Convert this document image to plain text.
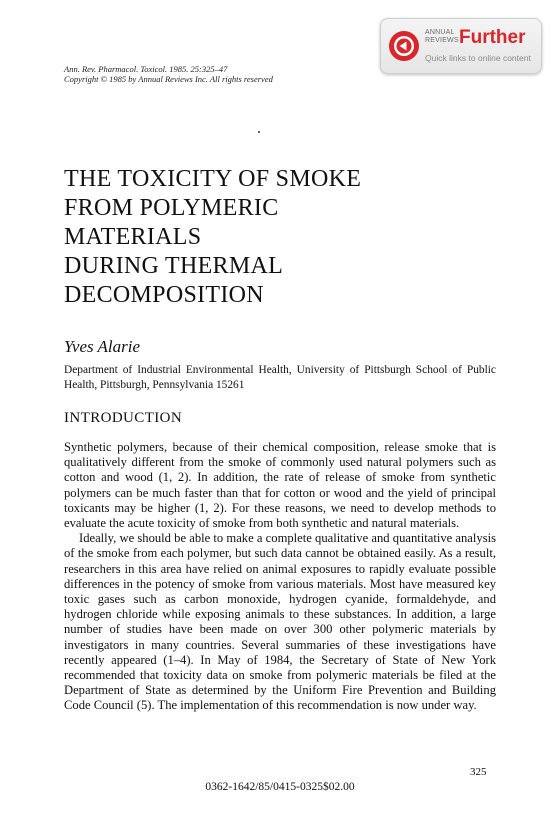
ANNUAL
REVIEWS Further
Quick links to online content
Ann. Rev. Pharmacol. Toxicol. 1985. 25:325–47
Copyright © 1985 by Annual Reviews Inc. All rights reserved
THE TOXICITY OF SMOKE
FROM POLYMERIC
MATERIALS
DURING THERMAL
DECOMPOSITION
Yves Alarie
Department of Industrial Environmental Health, University of Pittsburgh School of Public Health, Pittsburgh, Pennsylvania 15261
INTRODUCTION

Synthetic polymers, because of their chemical composition, release smoke that is qualitatively different from the smoke of commonly used natural polymers such as cotton and wood (1, 2). In addition, the rate of release of smoke from synthetic polymers can be much faster than that for cotton or wood and the yield of principal toxicants may be higher (1, 2). For these reasons, we need to develop methods to evaluate the acute toxicity of smoke from both synthetic and natural materials.

Ideally, we should be able to make a complete qualitative and quantitative analysis of the smoke from each polymer, but such data cannot be obtained easily. As a result, researchers in this area have relied on animal exposures to rapidly evaluate possible differences in the potency of smoke from various materials. Most have measured key toxic gases such as carbon monoxide, hydrogen cyanide, formaldehyde, and hydrogen chloride while exposing animals to these substances. In addition, a large number of studies have been made on over 300 other polymeric materials by investigators in many countries. Several summaries of these investigations have recently appeared (1–4). In May of 1984, the Secretary of State of New York recommended that toxicity data on smoke from polymeric materials be filed at the Department of State as determined by the Uniform Fire Prevention and Building Code Council (5). The implementation of this recommendation is now under way.

325
0362-1642/85/0415-0325$02.00
